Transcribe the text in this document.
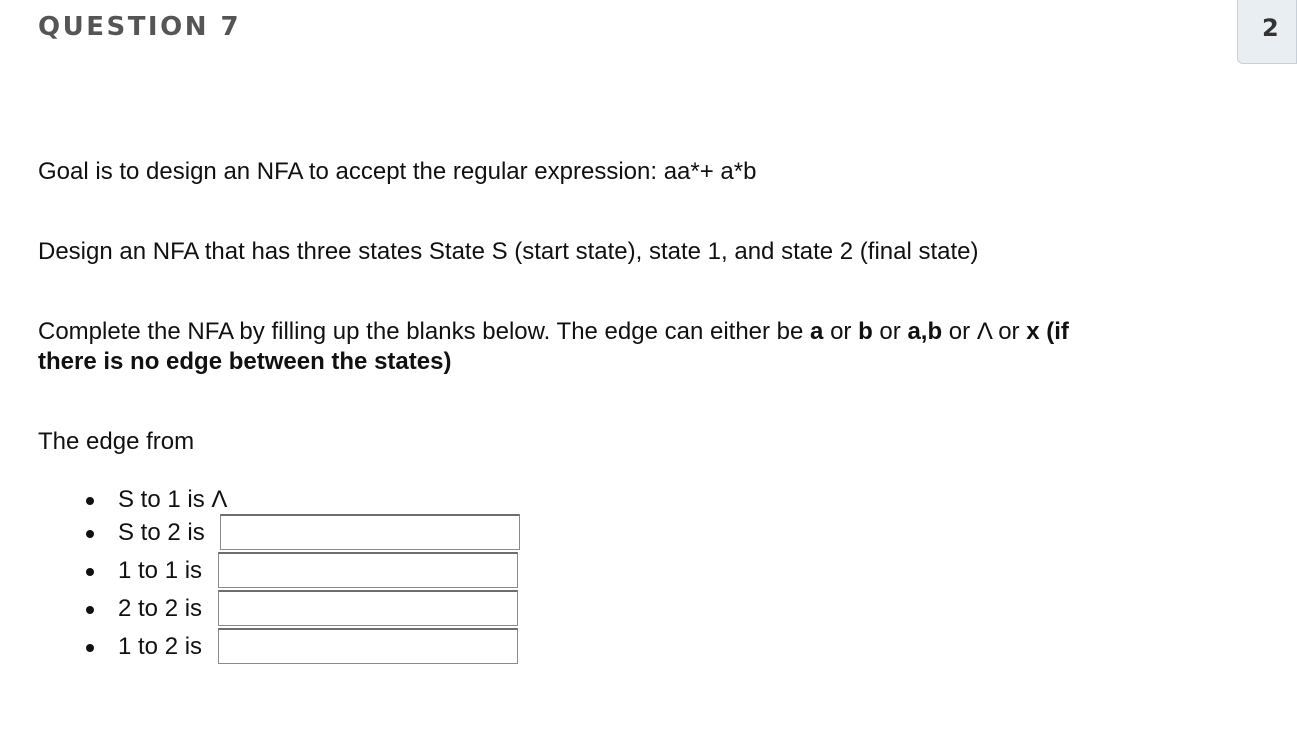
QUESTION 7	2

Goal is to design an NFA to accept the regular expression: aa*+ a*b

Design an NFA that has three states State S (start state), state 1, and state 2 (final state)

Complete the NFA by filling up the blanks below. The edge can either be a or b or a,b or Λ or x (if
there is no edge between the states)

The edge from

S to 1 is Λ
S to 2 is
1 to 1 is
2 to 2 is
1 to 2 is
